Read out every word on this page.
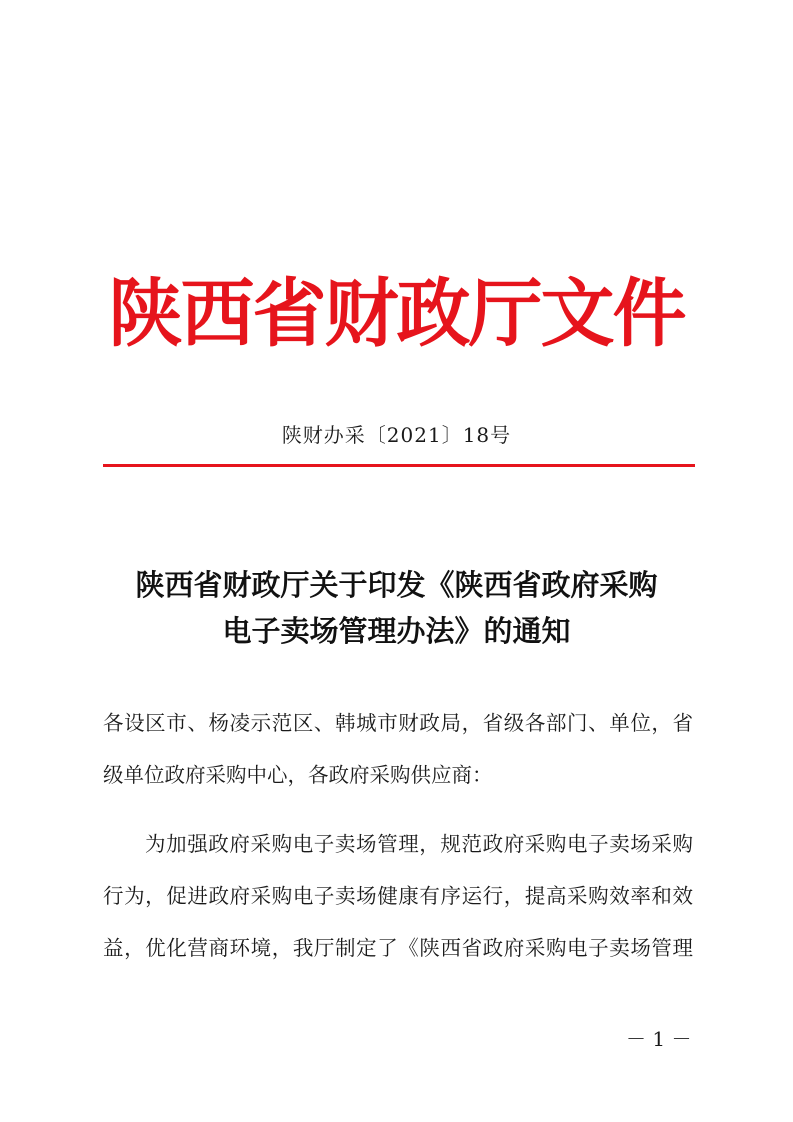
陕西省财政厅文件
陕财办采〔2021〕18号
陕西省财政厅关于印发《陕西省政府采购
电子卖场管理办法》的通知
各设区市、杨凌示范区、韩城市财政局，省级各部门、单位，省
级单位政府采购中心，各政府采购供应商：
为加强政府采购电子卖场管理，规范政府采购电子卖场采购
行为，促进政府采购电子卖场健康有序运行，提高采购效率和效
益，优化营商环境，我厅制定了《陕西省政府采购电子卖场管理
－ 1 －
